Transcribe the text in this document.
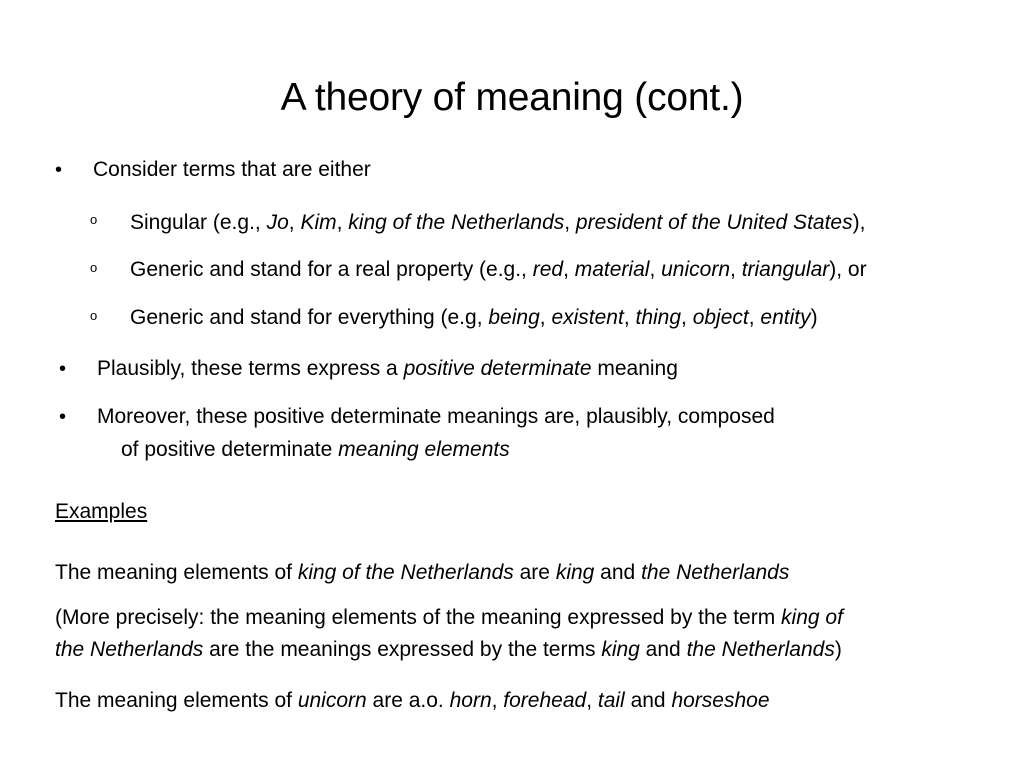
A theory of meaning (cont.)
• Consider terms that are either
o Singular (e.g., Jo, Kim, king of the Netherlands, president of the United States),
o Generic and stand for a real property (e.g., red, material, unicorn, triangular), or
o Generic and stand for everything (e.g, being, existent, thing, object, entity)
• Plausibly, these terms express a positive determinate meaning
• Moreover, these positive determinate meanings are, plausibly, composed
of positive determinate meaning elements
Examples
The meaning elements of king of the Netherlands are king and the Netherlands
(More precisely: the meaning elements of the meaning expressed by the term king of
the Netherlands are the meanings expressed by the terms king and the Netherlands)
The meaning elements of unicorn are a.o. horn, forehead, tail and horseshoe
